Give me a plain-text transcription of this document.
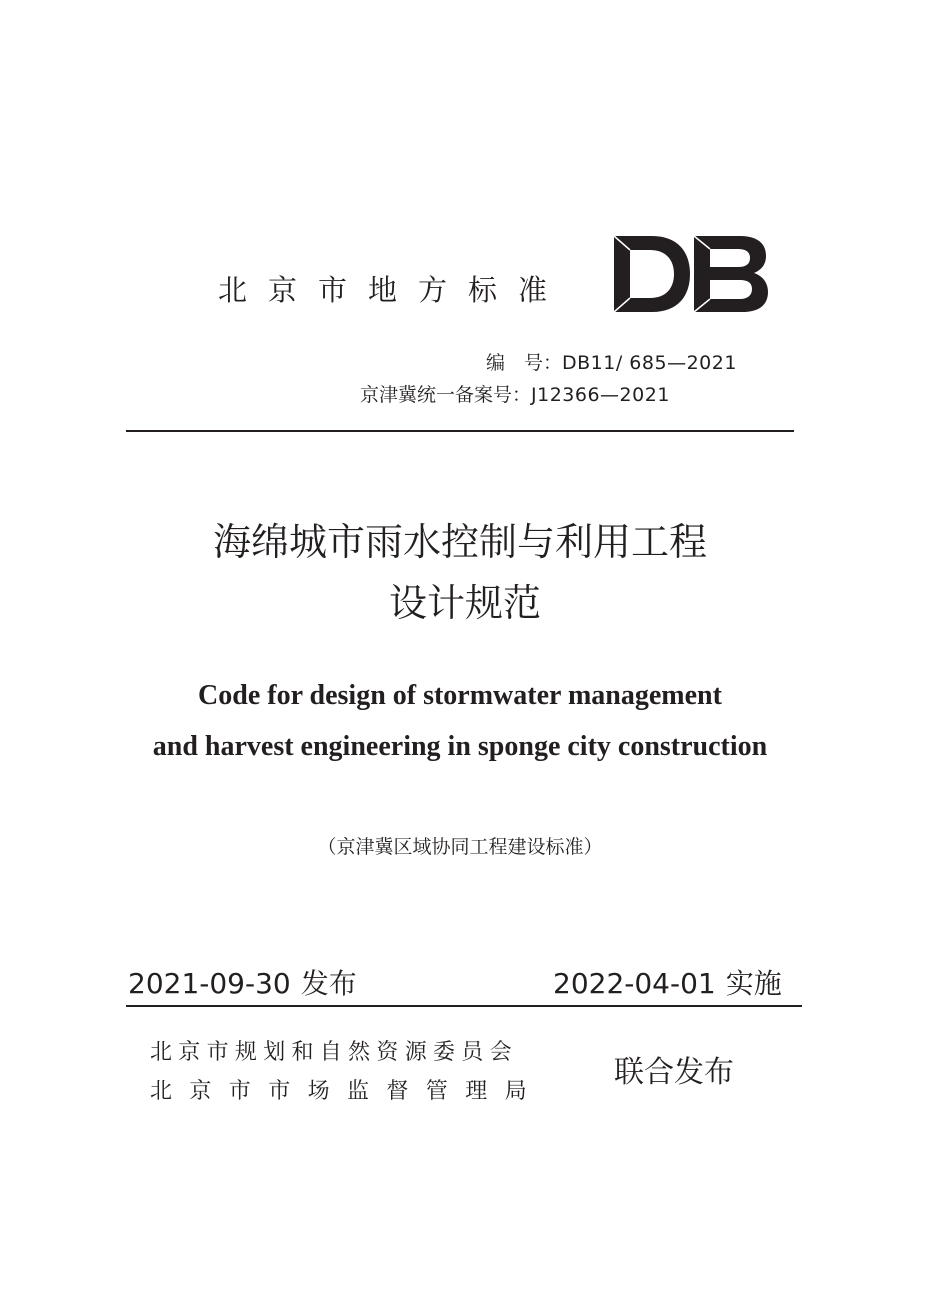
北京市地方标准
编　号：DB11/ 685—2021
京津冀统一备案号：J12366—2021
海绵城市雨水控制与利用工程
设计规范
Code for design of stormwater management
and harvest engineering in sponge city construction
（京津冀区域协同工程建设标准）
2021-09-30 发布	2022-04-01 实施
北京市规划和自然资源委员会
北京市市场监督管理局
联合发布
